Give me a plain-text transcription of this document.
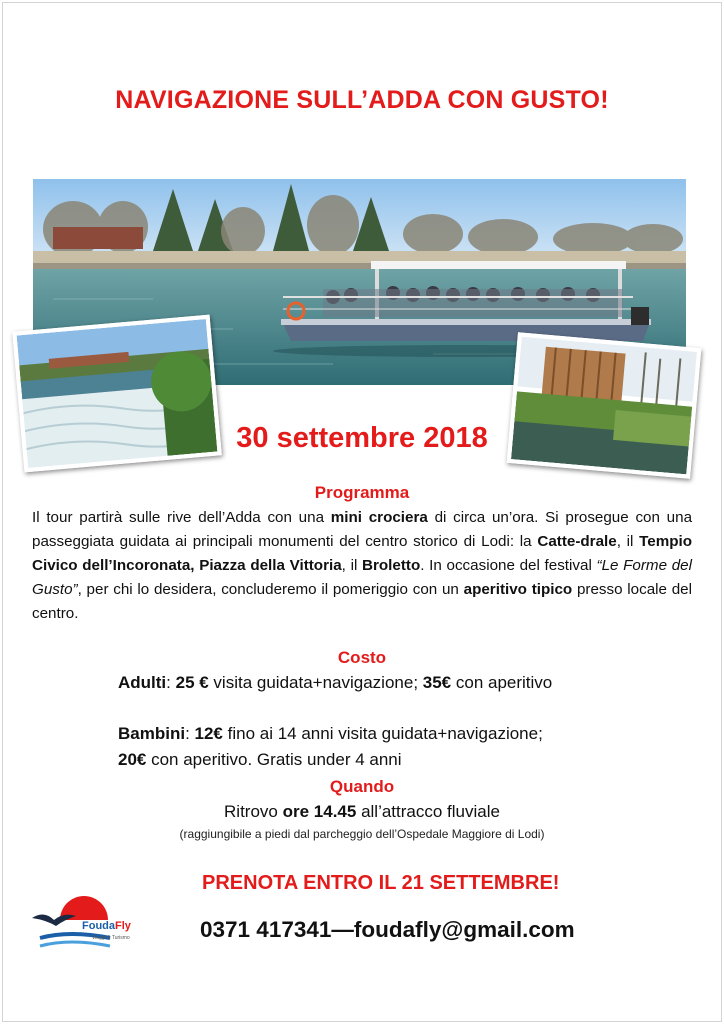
NAVIGAZIONE SULL’ADDA CON GUSTO!
30 settembre 2018
Programma
Il tour partirà sulle rive dell’Adda con una mini crociera di circa un’ora. Si prosegue con una passeggiata guidata ai principali monumenti del centro storico di Lodi: la Catte-drale, il Tempio Civico dell’Incoronata, Piazza della Vittoria, il Broletto. In occasione del festival “Le Forme del Gusto”, per chi lo desidera, concluderemo il pomeriggio con un aperitivo tipico presso locale del centro.
Costo
Adulti: 25 € visita guidata+navigazione; 35€ con aperitivo
Bambini: 12€ fino ai 14 anni visita guidata+navigazione;
20€ con aperitivo. Gratis under 4 anni
Quando
Ritrovo ore 14.45 all’attracco fluviale
(raggiungibile a piedi dal parcheggio dell’Ospedale Maggiore di Lodi)
PRENOTA ENTRO IL 21 SETTEMBRE!
FoudaFly
Viaggi & Turismo	0371 417341—foudafly@gmail.com
